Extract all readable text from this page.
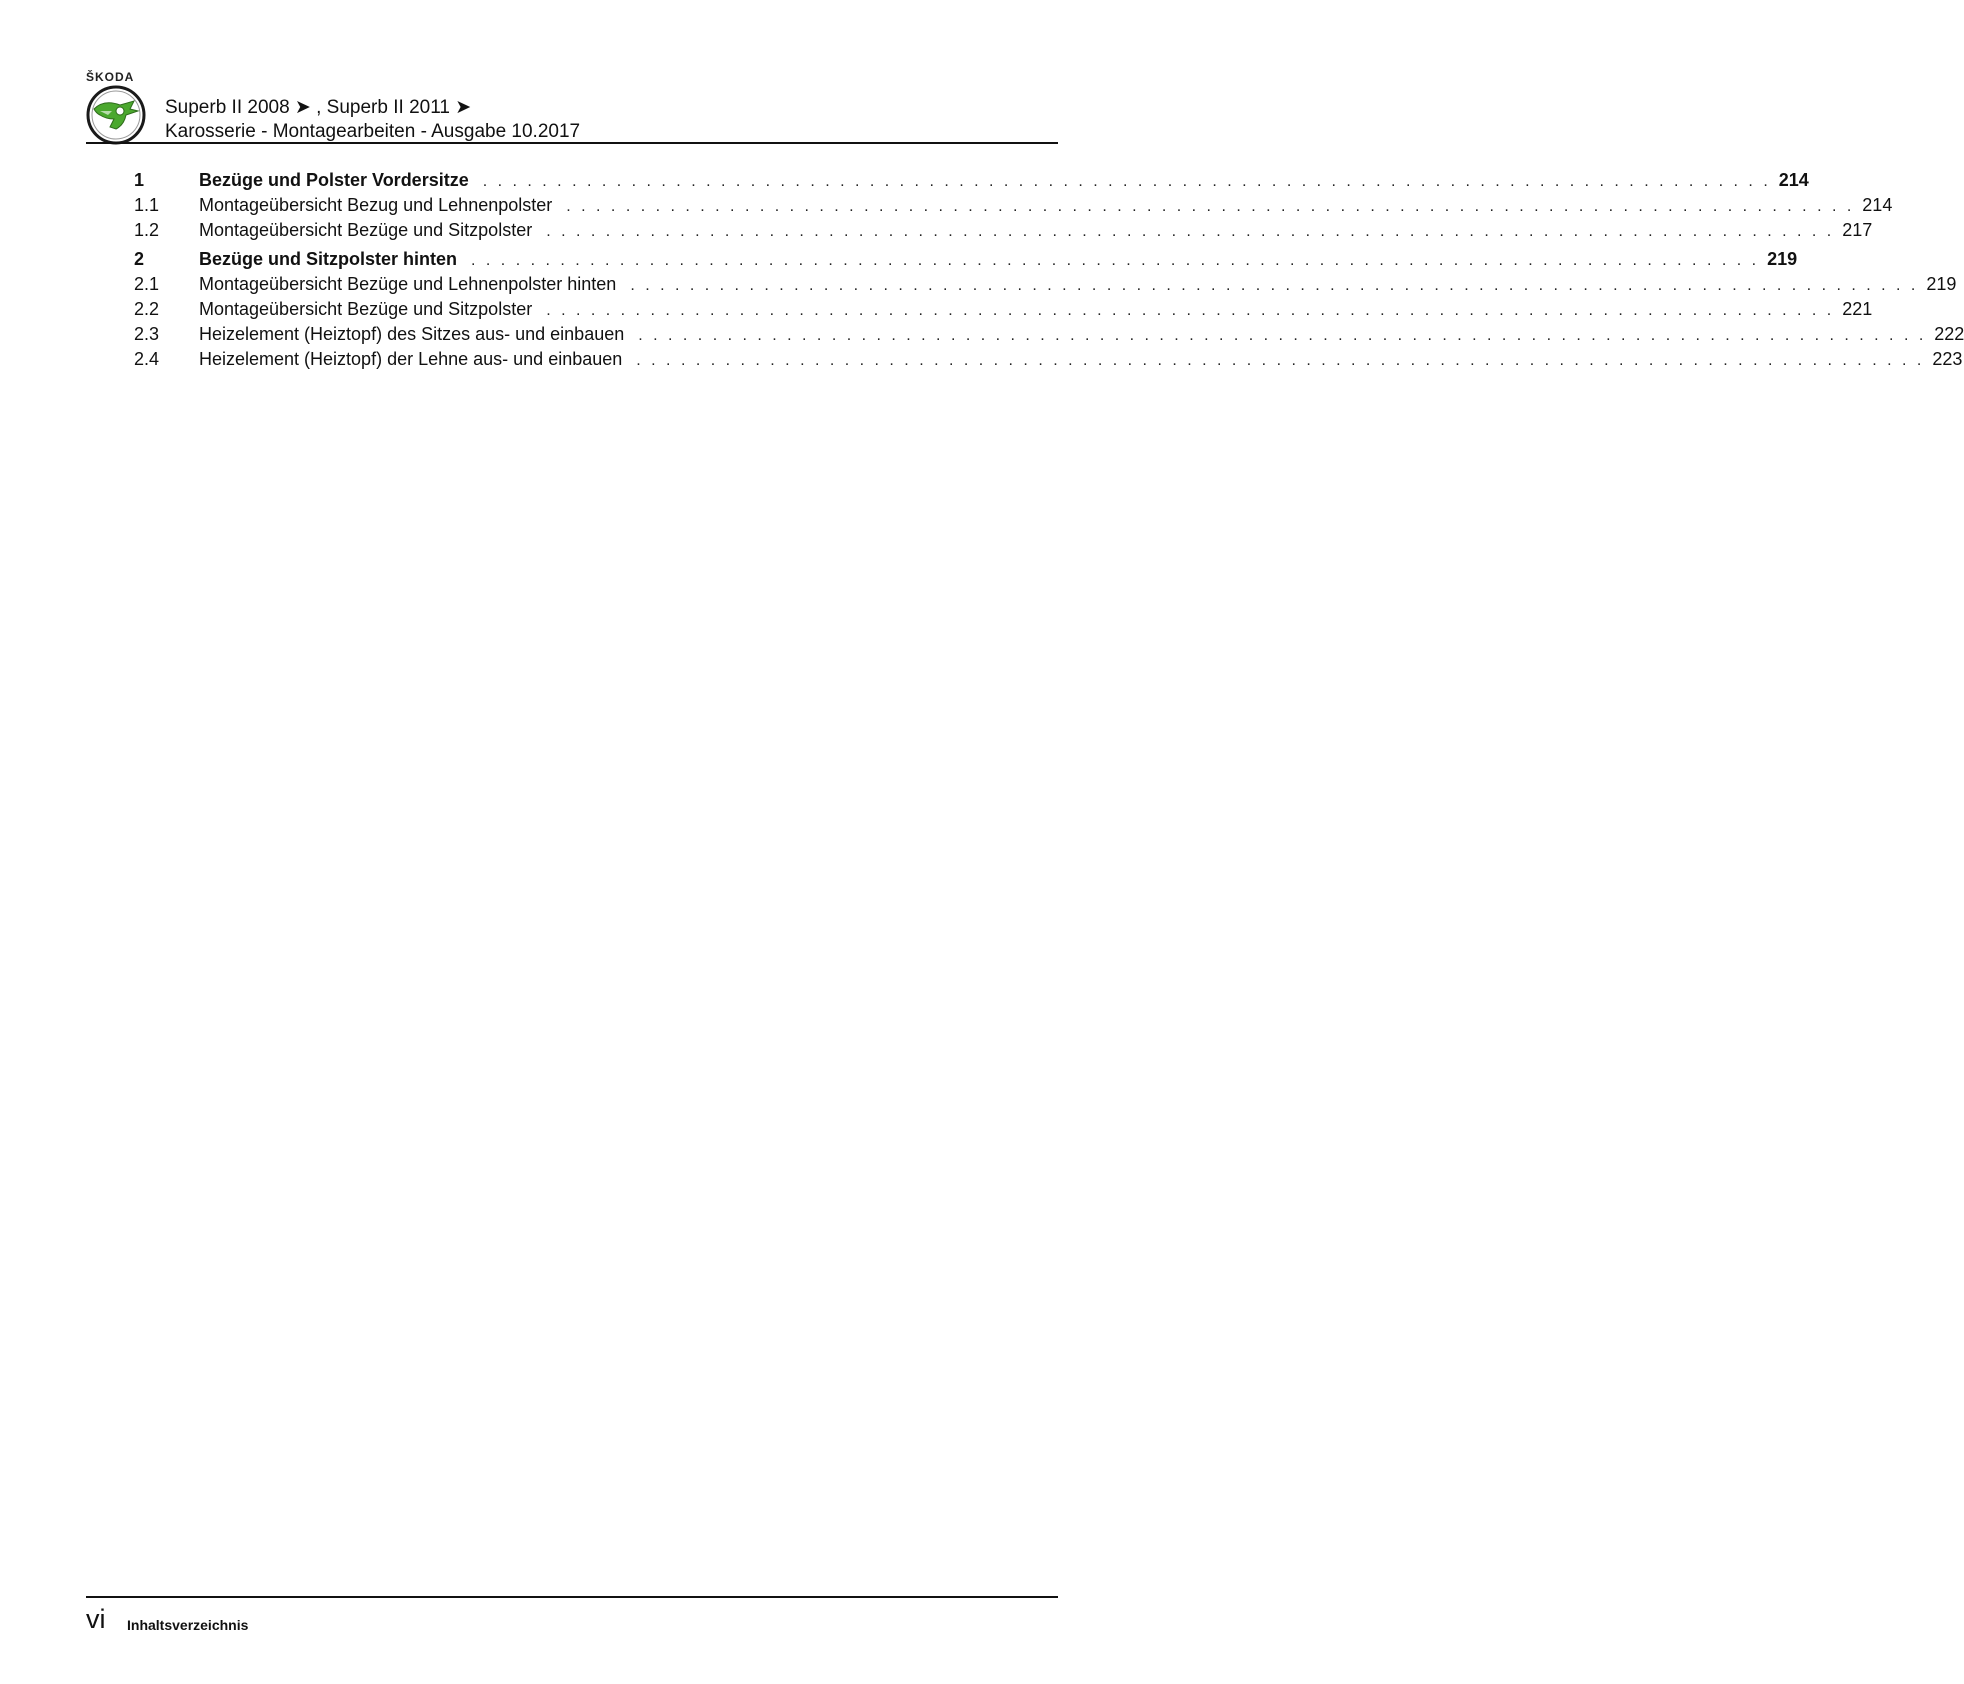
ŠKODA
Superb II 2008 ➤ , Superb II 2011 ➤
Karosserie - Montagearbeiten - Ausgabe 10.2017
1	Bezüge und Polster Vordersitze . . . . . . . . . . . . . . . . . . . . . . . . . . . . . . . . . . . . . . . . . . . . . . . . . . . . . . . . . . . . . . . . . . . . . . . . . . . . . . . . . . . . . . . 214
1.1	Montageübersicht Bezug und Lehnenpolster . . . . . . . . . . . . . . . . . . . . . . . . . . . . . . . . . . . . . . . . . . . . . . . . . . . . . . . . . . . . . . . . . . . . . . . . . . . . . . . . . . . . . . . 214
1.2	Montageübersicht Bezüge und Sitzpolster . . . . . . . . . . . . . . . . . . . . . . . . . . . . . . . . . . . . . . . . . . . . . . . . . . . . . . . . . . . . . . . . . . . . . . . . . . . . . . . . . . . . . . . 217
2	Bezüge und Sitzpolster hinten . . . . . . . . . . . . . . . . . . . . . . . . . . . . . . . . . . . . . . . . . . . . . . . . . . . . . . . . . . . . . . . . . . . . . . . . . . . . . . . . . . . . . . . 219
2.1	Montageübersicht Bezüge und Lehnenpolster hinten . . . . . . . . . . . . . . . . . . . . . . . . . . . . . . . . . . . . . . . . . . . . . . . . . . . . . . . . . . . . . . . . . . . . . . . . . . . . . . . . . . . . . . . 219
2.2	Montageübersicht Bezüge und Sitzpolster . . . . . . . . . . . . . . . . . . . . . . . . . . . . . . . . . . . . . . . . . . . . . . . . . . . . . . . . . . . . . . . . . . . . . . . . . . . . . . . . . . . . . . . 221
2.3	Heizelement (Heiztopf) des Sitzes aus- und einbauen . . . . . . . . . . . . . . . . . . . . . . . . . . . . . . . . . . . . . . . . . . . . . . . . . . . . . . . . . . . . . . . . . . . . . . . . . . . . . . . . . . . . . . . 222
2.4	Heizelement (Heiztopf) der Lehne aus- und einbauen . . . . . . . . . . . . . . . . . . . . . . . . . . . . . . . . . . . . . . . . . . . . . . . . . . . . . . . . . . . . . . . . . . . . . . . . . . . . . . . . . . . . . . . 223
vi Inhaltsverzeichnis
